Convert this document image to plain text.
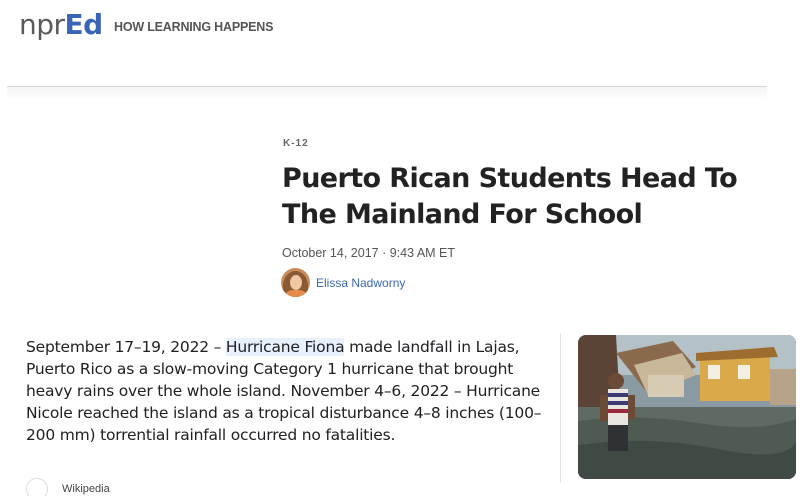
npr Ed HOW LEARNING HAPPENS
K-12
Puerto Rican Students Head To The Mainland For School
October 14, 2017 · 9:43 AM ET
Elissa Nadworny

September 17–19, 2022 – Hurricane Fiona made landfall in Lajas, Puerto Rico as a slow-moving Category 1 hurricane that brought heavy rains over the whole island. November 4–6, 2022 – Hurricane Nicole reached the island as a tropical disturbance 4–8 inches (100–200 mm) torrential rainfall occurred no fatalities.

Wikipedia
